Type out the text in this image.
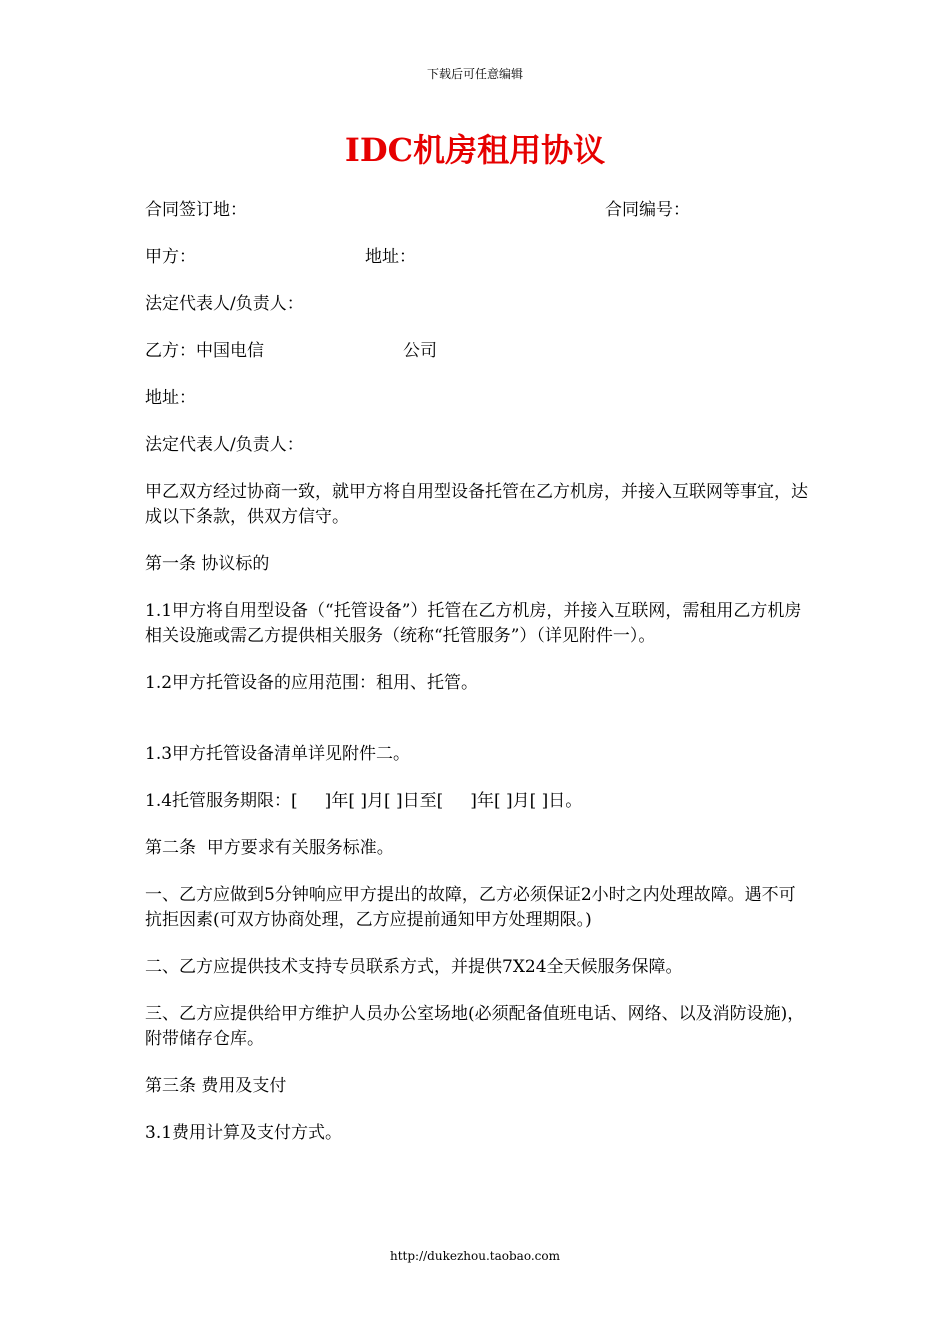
下载后可任意编辑
IDC机房租用协议
合同签订地：	合同编号：
甲方：	地址：
法定代表人/负责人：
乙方：中国电信	公司
地址：
法定代表人/负责人：

甲乙双方经过协商一致，就甲方将自用型设备托管在乙方机房，并接入互联网等事宜，达成以下条款，供双方信守。

第一条 协议标的

1.1甲方将自用型设备（“托管设备”）托管在乙方机房，并接入互联网，需租用乙方机房相关设施或需乙方提供相关服务（统称“托管服务”）（详见附件一）。

1.2甲方托管设备的应用范围：租用、托管。

1.3甲方托管设备清单详见附件二。

1.4托管服务期限：[     ]年[ ]月[ ]日至[     ]年[ ]月[ ]日。

第二条  甲方要求有关服务标准。

一、乙方应做到5分钟响应甲方提出的故障，乙方必须保证2小时之内处理故障。遇不可抗拒因素(可双方协商处理，乙方应提前通知甲方处理期限。)

二、乙方应提供技术支持专员联系方式，并提供7X24全天候服务保障。

三、乙方应提供给甲方维护人员办公室场地(必须配备值班电话、网络、以及消防设施)，附带储存仓库。

第三条 费用及支付

3.1费用计算及支付方式。

http://dukezhou.taobao.com
